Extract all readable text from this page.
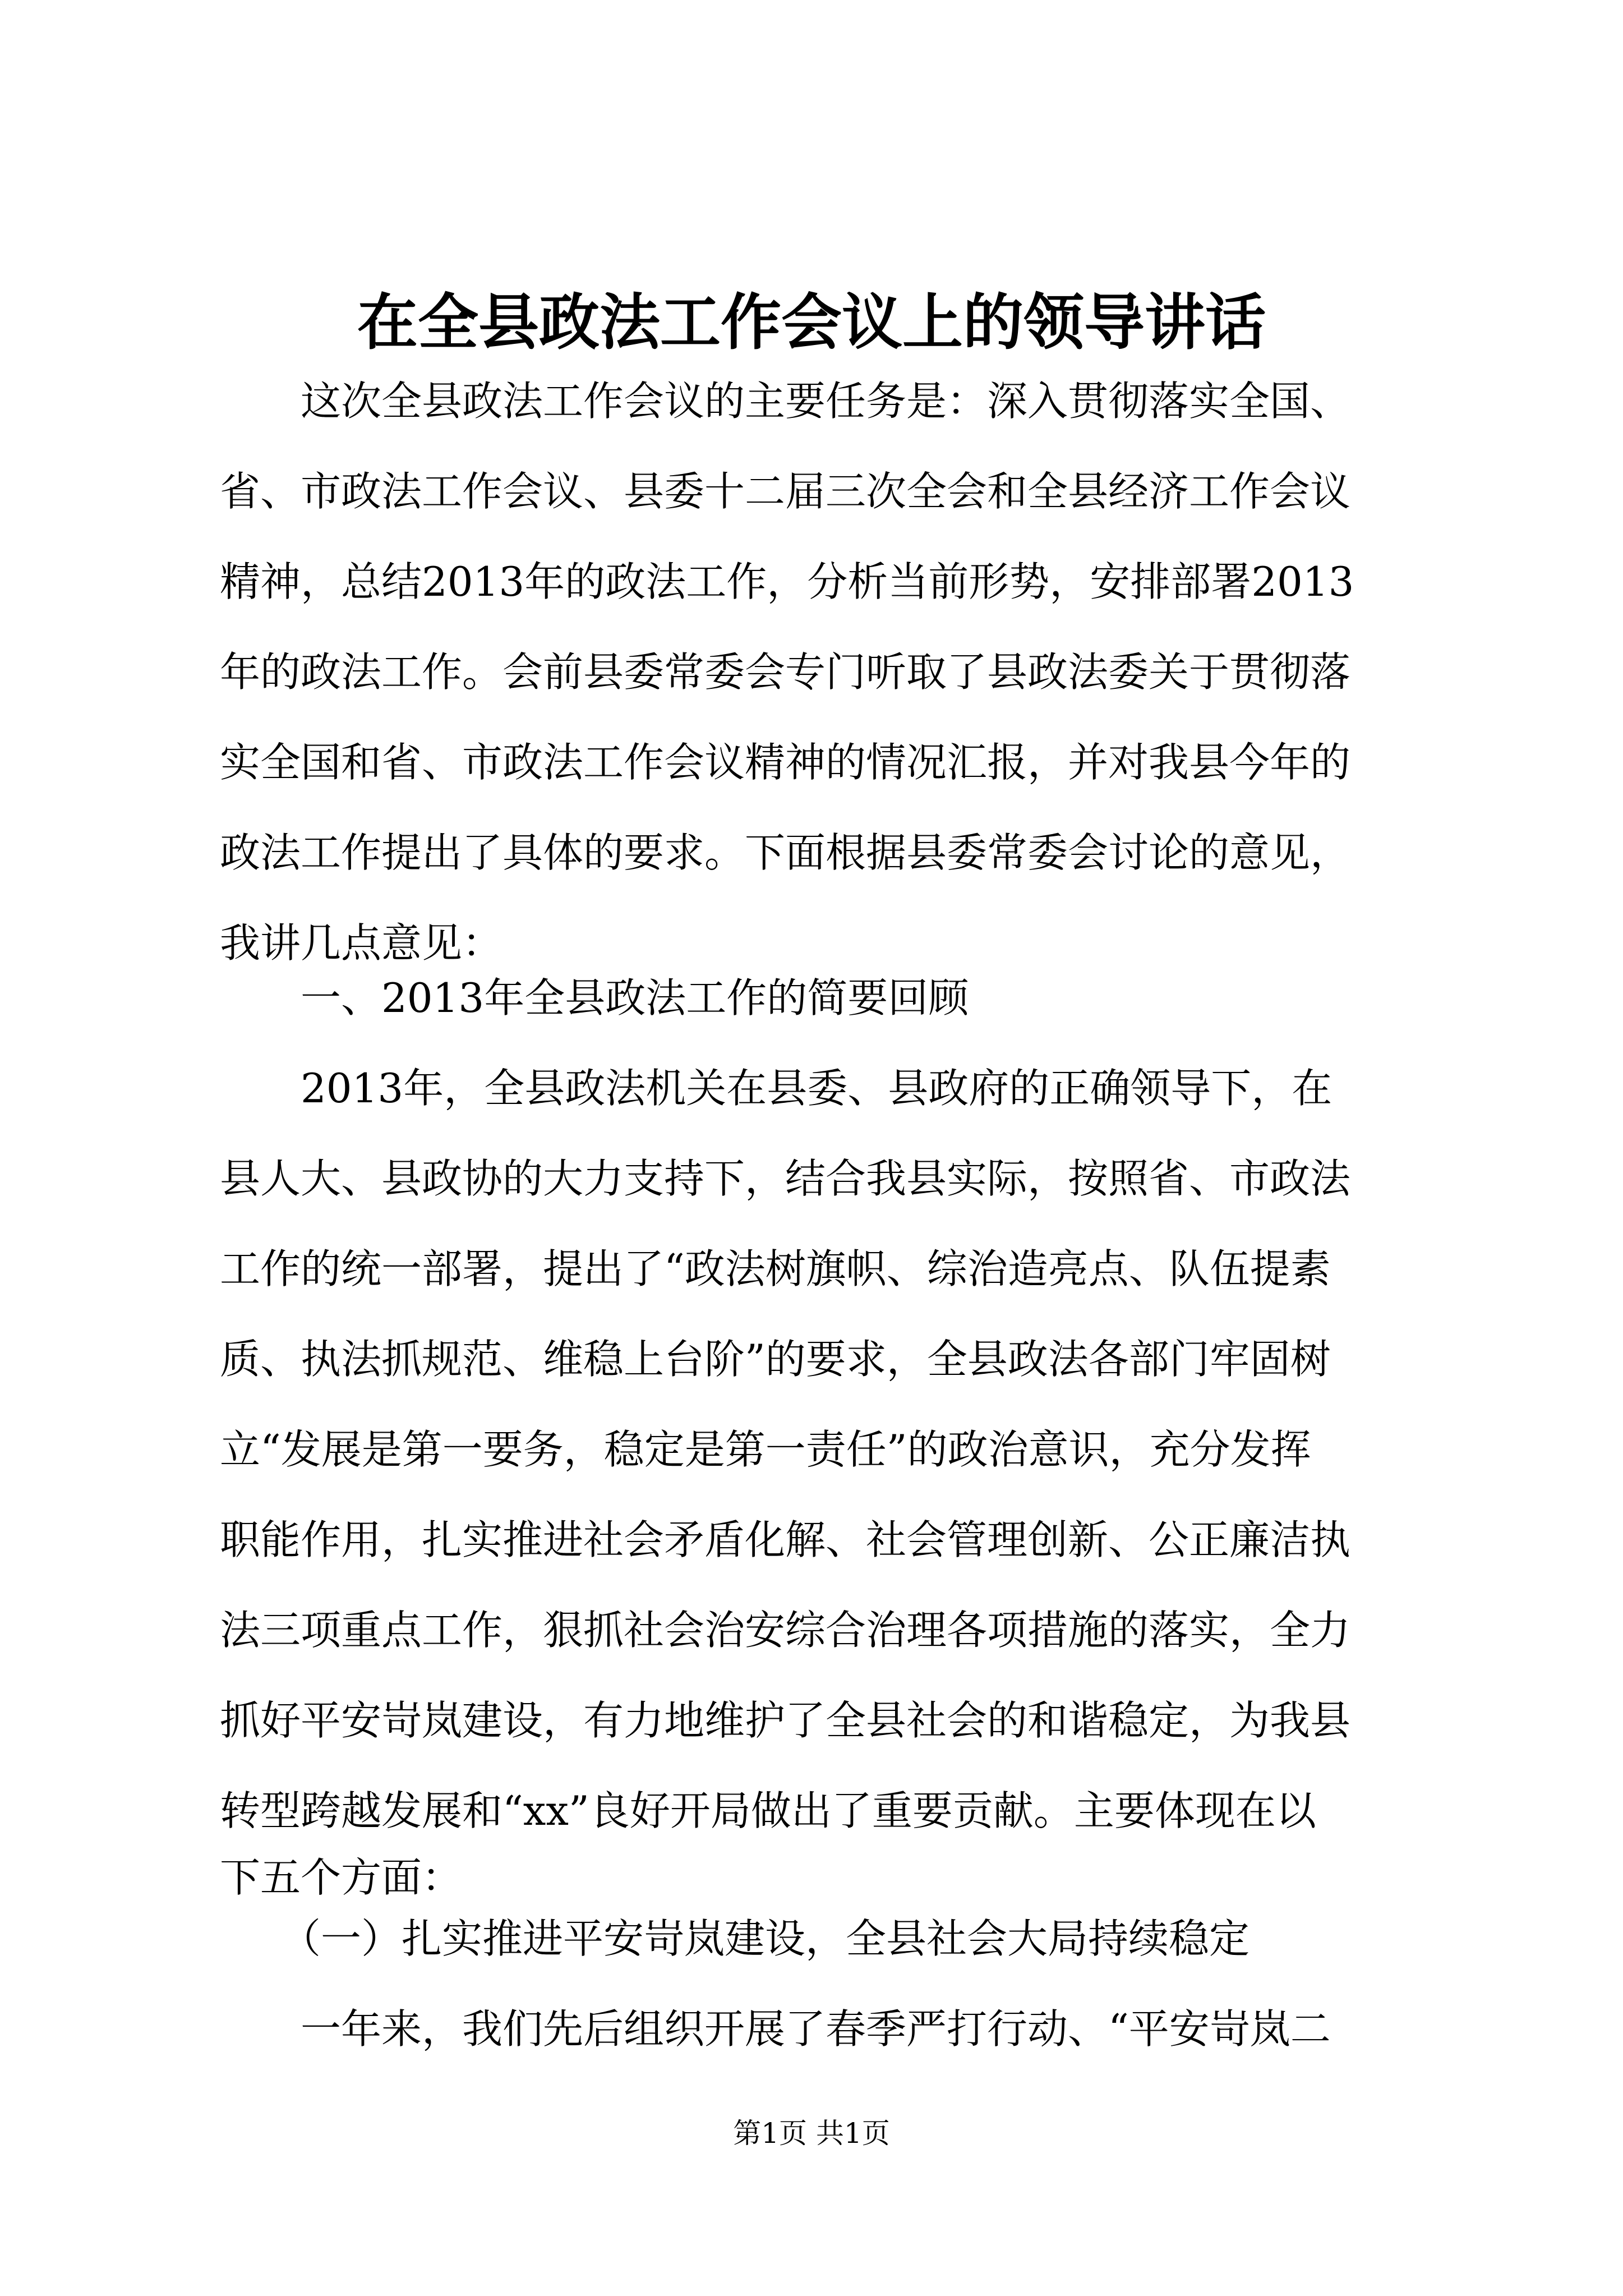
在全县政法工作会议上的领导讲话
　　这次全县政法工作会议的主要任务是：深入贯彻落实全国、
省、市政法工作会议、县委十二届三次全会和全县经济工作会议
精神，总结2013年的政法工作，分析当前形势，安排部署2013
年的政法工作。会前县委常委会专门听取了县政法委关于贯彻落
实全国和省、市政法工作会议精神的情况汇报，并对我县今年的
政法工作提出了具体的要求。下面根据县委常委会讨论的意见，
我讲几点意见：
　　一、2013年全县政法工作的简要回顾
　　2013年，全县政法机关在县委、县政府的正确领导下，在
县人大、县政协的大力支持下，结合我县实际，按照省、市政法
工作的统一部署，提出了“政法树旗帜、综治造亮点、队伍提素
质、执法抓规范、维稳上台阶”的要求，全县政法各部门牢固树
立“发展是第一要务，稳定是第一责任”的政治意识，充分发挥
职能作用，扎实推进社会矛盾化解、社会管理创新、公正廉洁执
法三项重点工作，狠抓社会治安综合治理各项措施的落实，全力
抓好平安岢岚建设，有力地维护了全县社会的和谐稳定，为我县
转型跨越发展和“xx”良好开局做出了重要贡献。主要体现在以
下五个方面：
　　（一）扎实推进平安岢岚建设，全县社会大局持续稳定
　　一年来，我们先后组织开展了春季严打行动、“平安岢岚二
第1页 共1页
